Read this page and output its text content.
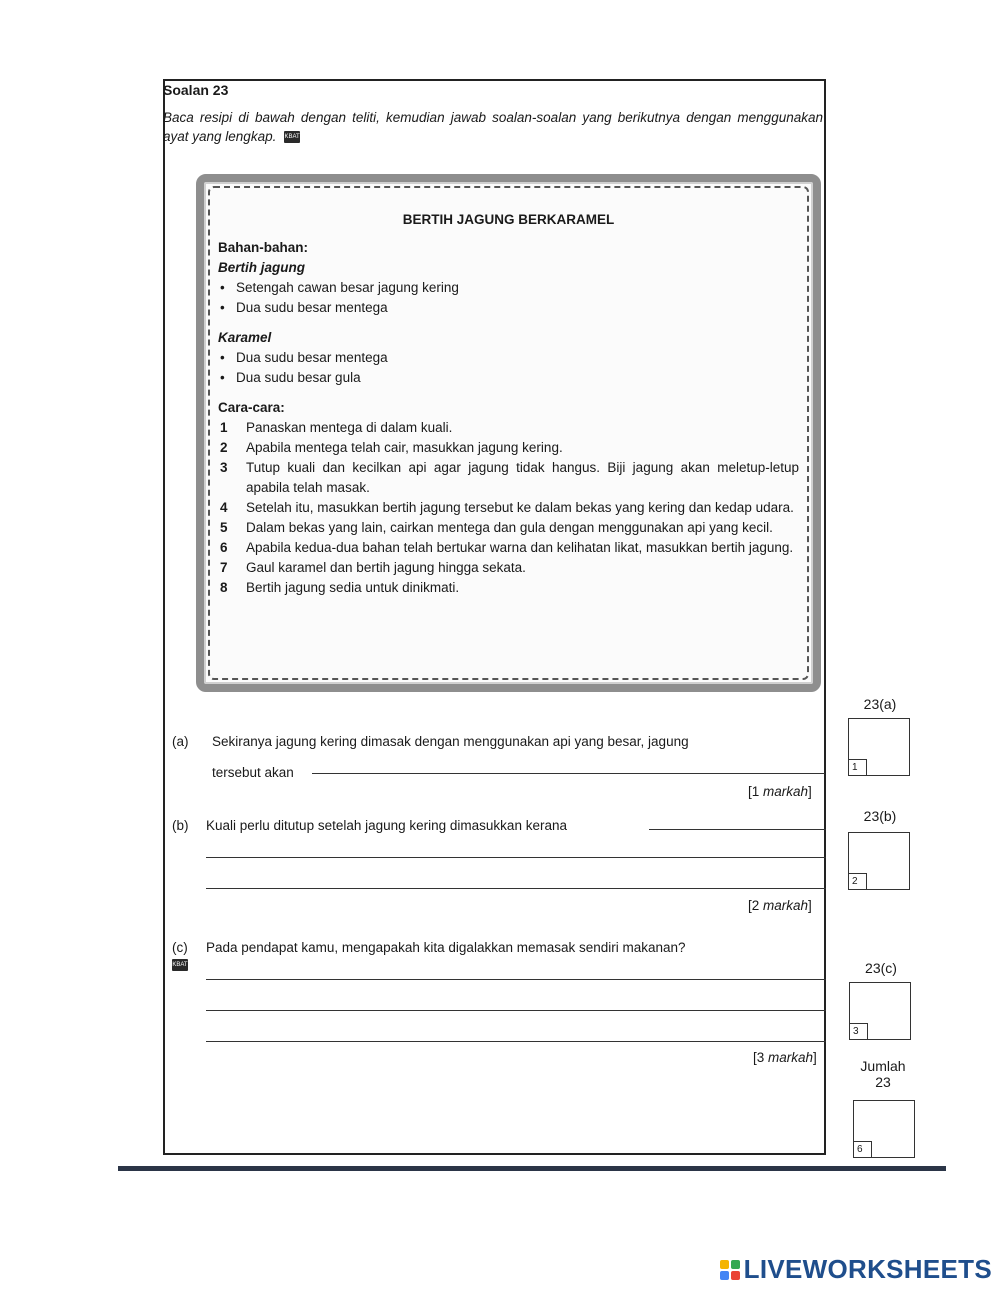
Soalan 23
Baca resipi di bawah dengan teliti, kemudian jawab soalan-soalan yang berikutnya dengan menggunakan ayat yang lengkap. KBAT
BERTIH JAGUNG BERKARAMEL

Bahan-bahan:

Bertih jagung

• Setengah cawan besar jagung kering
• Dua sudu besar mentega

Karamel

• Dua sudu besar mentega
• Dua sudu besar gula

Cara-cara:

1 Panaskan mentega di dalam kuali.
2 Apabila mentega telah cair, masukkan jagung kering.
3 Tutup kuali dan kecilkan api agar jagung tidak hangus. Biji jagung akan meletup-letup apabila telah masak.
4 Setelah itu, masukkan bertih jagung tersebut ke dalam bekas yang kering dan kedap udara.
5 Dalam bekas yang lain, cairkan mentega dan gula dengan menggunakan api yang kecil.
6 Apabila kedua-dua bahan telah bertukar warna dan kelihatan likat, masukkan bertih jagung.
7 Gaul karamel dan bertih jagung hingga sekata.
8 Bertih jagung sedia untuk dinikmati.
(a) Sekiranya jagung kering dimasak dengan menggunakan api yang besar, jagung
tersebut akan
[1 markah]
(b) Kuali perlu ditutup setelah jagung kering dimasukkan kerana
[2 markah]
(c) Pada pendapat kamu, mengapakah kita digalakkan memasak sendiri makanan?
KBAT
[3 markah]
23(a)
1
23(b)
2
23(c)
3
Jumlah
23
6
LIVEWORKSHEETS
